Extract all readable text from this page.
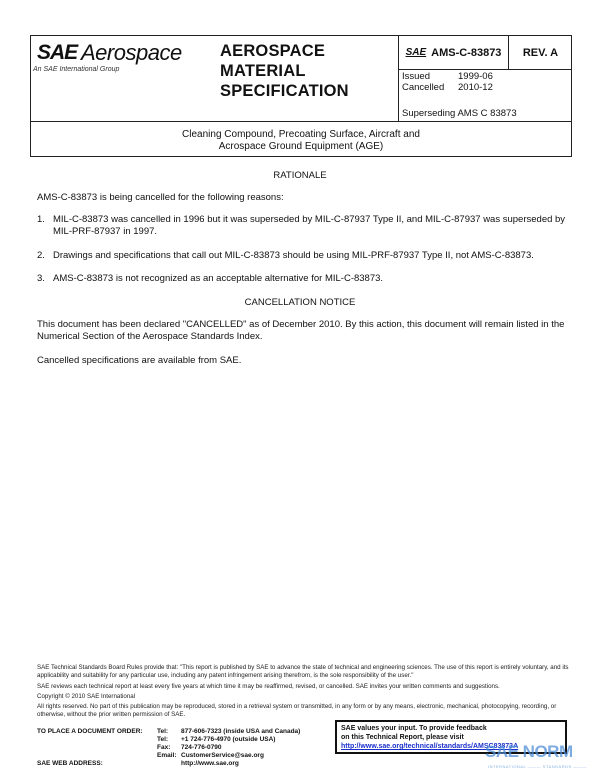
SAE Aerospace
An SAE International Group
AEROSPACE
MATERIAL
SPECIFICATION
SAE AMS-C-83873	REV. A
Issued	1999-06
Cancelled	2010-12
Superseding AMS C 83873
Cleaning Compound, Precoating Surface, Aircraft and
Acrospace Ground Equipment (AGE)
RATIONALE
AMS-C-83873 is being cancelled for the following reasons:
1. MIL-C-83873 was cancelled in 1996 but it was superseded by MIL-C-87937 Type II, and MIL-C-87937 was superseded by MIL-PRF-87937 in 1997.
2. Drawings and specifications that call out MIL-C-83873 should be using MIL-PRF-87937 Type II, not AMS-C-83873.
3. AMS-C-83873 is not recognized as an acceptable alternative for MIL-C-83873.
CANCELLATION NOTICE
This document has been declared "CANCELLED" as of December 2010. By this action, this document will remain listed in the Numerical Section of the Aerospace Standards Index.
Cancelled specifications are available from SAE.
SAE Technical Standards Board Rules provide that: "This report is published by SAE to advance the state of technical and engineering sciences. The use of this report is entirely voluntary, and its applicability and suitability for any particular use, including any patent infringement arising therefrom, is the sole responsibility of the user."
SAE reviews each technical report at least every five years at which time it may be reaffirmed, revised, or cancelled. SAE invites your written comments and suggestions.
Copyright © 2010 SAE International
All rights reserved. No part of this publication may be reproduced, stored in a retrieval system or transmitted, in any form or by any means, electronic, mechanical, photocopying, recording, or otherwise, without the prior written permission of SAE.
TO PLACE A DOCUMENT ORDER:	Tel:	877-606-7323 (inside USA and Canada)
Tel:	+1 724-776-4970 (outside USA)
Fax:	724-776-0790
Email: CustomerService@sae.org
SAE WEB ADDRESS:	http://www.sae.org
SAE values your input. To provide feedback
on this Technical Report, please visit
http://www.sae.org/technical/standards/AMSC83873A
SAE NORM
INTERNATIONAL ——— STANDARDS ———
